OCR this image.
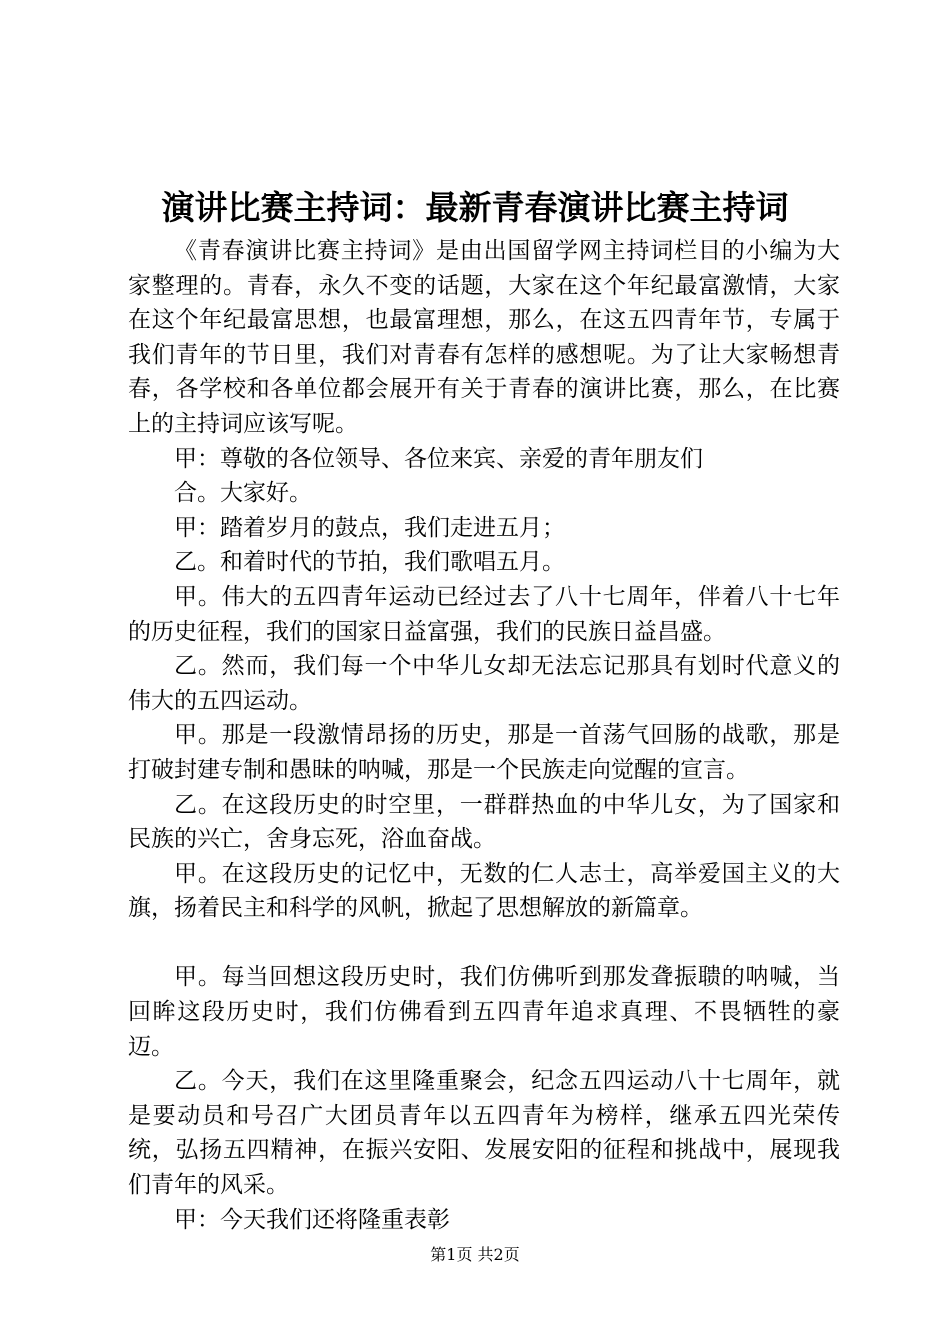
演讲比赛主持词：最新青春演讲比赛主持词

《青春演讲比赛主持词》是由出国留学网主持词栏目的小编为大家整理的。青春，永久不变的话题，大家在这个年纪最富激情，大家在这个年纪最富思想，也最富理想，那么，在这五四青年节，专属于我们青年的节日里，我们对青春有怎样的感想呢。为了让大家畅想青春，各学校和各单位都会展开有关于青春的演讲比赛，那么，在比赛上的主持词应该写呢。

甲：尊敬的各位领导、各位来宾、亲爱的青年朋友们

合。大家好。

甲：踏着岁月的鼓点，我们走进五月；

乙。和着时代的节拍，我们歌唱五月。

甲。伟大的五四青年运动已经过去了八十七周年，伴着八十七年的历史征程，我们的国家日益富强，我们的民族日益昌盛。

乙。然而，我们每一个中华儿女却无法忘记那具有划时代意义的伟大的五四运动。

甲。那是一段激情昂扬的历史，那是一首荡气回肠的战歌，那是打破封建专制和愚昧的呐喊，那是一个民族走向觉醒的宣言。

乙。在这段历史的时空里，一群群热血的中华儿女，为了国家和民族的兴亡，舍身忘死，浴血奋战。

甲。在这段历史的记忆中，无数的仁人志士，高举爱国主义的大旗，扬着民主和科学的风帆，掀起了思想解放的新篇章。

甲。每当回想这段历史时，我们仿佛听到那发聋振聩的呐喊，当回眸这段历史时，我们仿佛看到五四青年追求真理、不畏牺牲的豪迈。

乙。今天，我们在这里隆重聚会，纪念五四运动八十七周年，就是要动员和号召广大团员青年以五四青年为榜样，继承五四光荣传统，弘扬五四精神，在振兴安阳、发展安阳的征程和挑战中，展现我们青年的风采。

甲：今天我们还将隆重表彰

第1页 共2页
